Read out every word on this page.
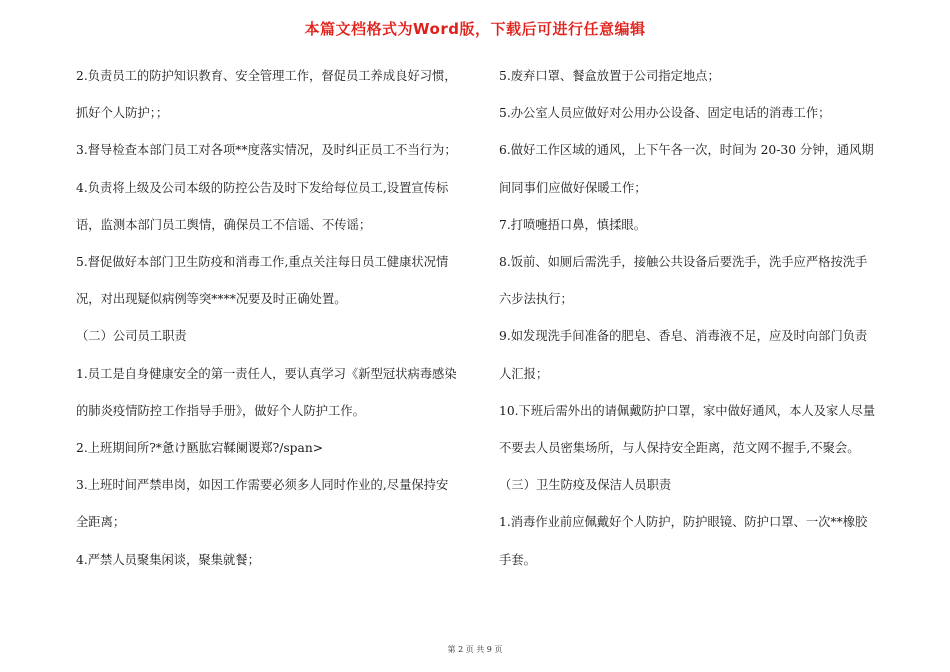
本篇文档格式为Word版，下载后可进行任意编辑

2.负责员工的防护知识教育、安全管理工作，督促员工养成良好习惯，

抓好个人防护；；

3.督导检查本部门员工对各项**度落实情况，及时纠正员工不当行为；

4.负责将上级及公司本级的防控公告及时下发给每位员工,设置宣传标

语，监测本部门员工舆情，确保员工不信谣、不传谣；

5.督促做好本部门卫生防疫和消毒工作,重点关注每日员工健康状况情

况，对出现疑似病例等突****况要及时正确处置。

（二）公司员工职责

1.员工是自身健康安全的第一责任人，要认真学习《新型冠状病毒感染

的肺炎疫情防控工作指导手册》，做好个人防护工作。

2.上班期间所?*惫け匦肱宕鞣阑谡郑?/span>

3.上班时间严禁串岗，如因工作需要必须多人同时作业的,尽量保持安

全距离；

4.严禁人员聚集闲谈，聚集就餐；

5.废弃口罩、餐盒放置于公司指定地点；

5.办公室人员应做好对公用办公设备、固定电话的消毒工作；

6.做好工作区域的通风，上下午各一次，时间为 20-30 分钟，通风期

间同事们应做好保暖工作；

7.打喷嚏捂口鼻，慎揉眼。

8.饭前、如厕后需洗手，接触公共设备后要洗手，洗手应严格按洗手

六步法执行；

9.如发现洗手间准备的肥皂、香皂、消毒液不足，应及时向部门负责

人汇报；

10.下班后需外出的请佩戴防护口罩，家中做好通风，本人及家人尽量

不要去人员密集场所，与人保持安全距离，范文网不握手,不聚会。

（三）卫生防疫及保洁人员职责

1.消毒作业前应佩戴好个人防护，防护眼镜、防护口罩、一次**橡胶

手套。

第 2 页 共 9 页
